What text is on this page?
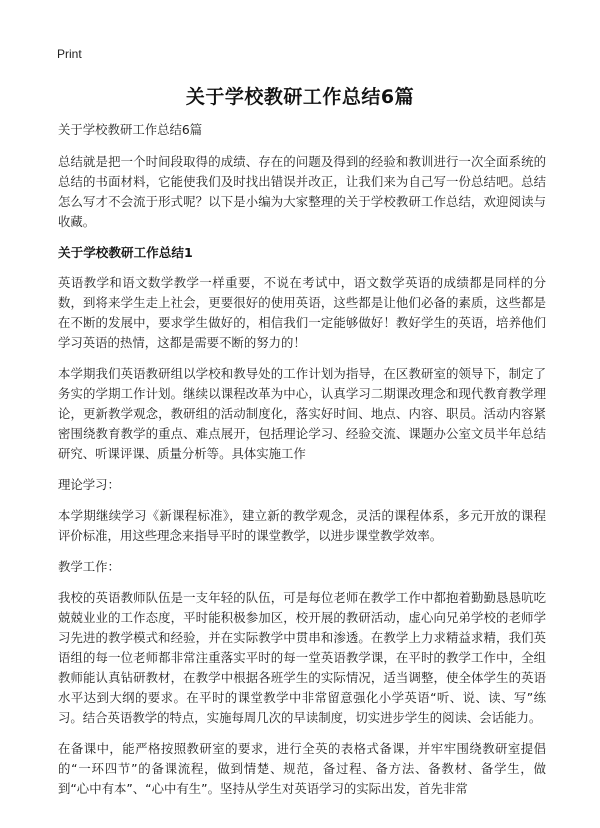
Print
关于学校教研工作总结6篇

关于学校教研工作总结6篇

总结就是把一个时间段取得的成绩、存在的问题及得到的经验和教训进行一次全面系统的总结的书面材料，它能使我们及时找出错误并改正，让我们来为自己写一份总结吧。总结怎么写才不会流于形式呢？以下是小编为大家整理的关于学校教研工作总结，欢迎阅读与收藏。

关于学校教研工作总结1

英语教学和语文数学教学一样重要，不说在考试中，语文数学英语的成绩都是同样的分数，到将来学生走上社会，更要很好的使用英语，这些都是让他们必备的素质，这些都是在不断的发展中，要求学生做好的，相信我们一定能够做好！教好学生的英语，培养他们学习英语的热情，这都是需要不断的努力的！

本学期我们英语教研组以学校和教导处的工作计划为指导，在区教研室的领导下，制定了务实的学期工作计划。继续以课程改革为中心，认真学习二期课改理念和现代教育教学理论，更新教学观念，教研组的活动制度化，落实好时间、地点、内容、职员。活动内容紧密围绕教育教学的重点、难点展开，包括理论学习、经验交流、课题办公室文员半年总结研究、听课评课、质量分析等。具体实施工作

理论学习：

本学期继续学习《新课程标准》，建立新的教学观念，灵活的课程体系，多元开放的课程评价标准，用这些理念来指导平时的课堂教学，以进步课堂教学效率。

教学工作：

我校的英语教师队伍是一支年轻的队伍，可是每位老师在教学工作中都抱着勤勤恳恳吭吃兢兢业业的工作态度，平时能积极参加区，校开展的教研活动，虚心向兄弟学校的老师学习先进的教学模式和经验，并在实际教学中贯串和渗透。在教学上力求精益求精，我们英语组的每一位老师都非常注重落实平时的每一堂英语教学课，在平时的教学工作中，全组教师能认真钻研教材，在教学中根据各班学生的实际情况，适当调整，使全体学生的英语水平达到大纲的要求。在平时的课堂教学中非常留意强化小学英语“听、说、读、写”练习。结合英语教学的特点，实施每周几次的早读制度，切实进步学生的阅读、会话能力。

在备课中，能严格按照教研室的要求，进行全英的表格式备课，并牢牢围绕教研室提倡的“一环四节”的备课流程，做到情楚、规范，备过程、备方法、备教材、备学生，做到“心中有本”、“心中有生”。坚持从学生对英语学习的实际出发，首先非常
